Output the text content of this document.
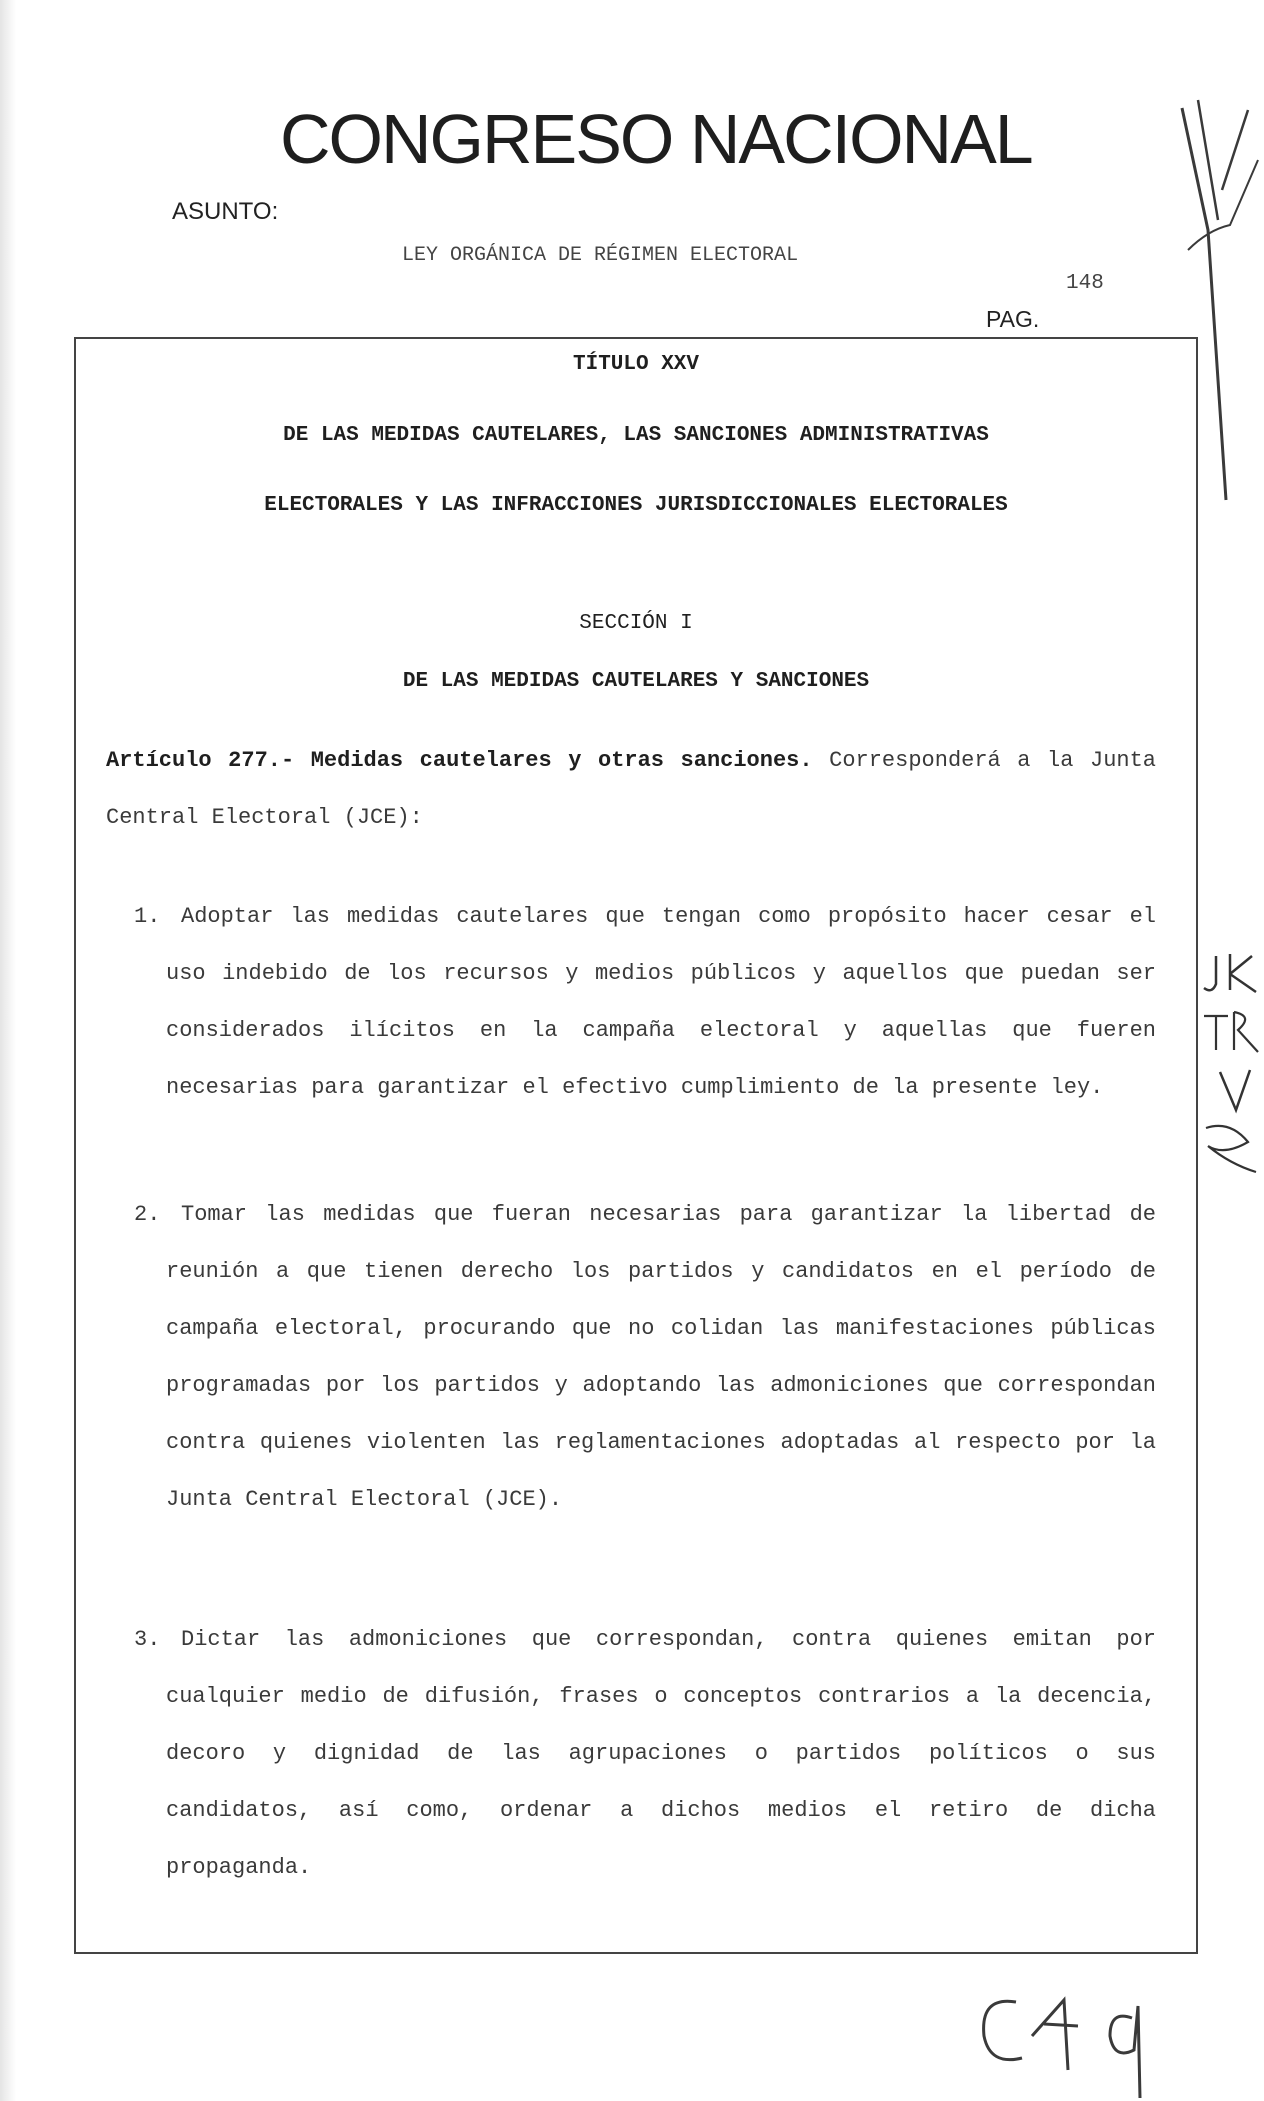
CONGRESO NACIONAL
ASUNTO:
LEY ORGÁNICA DE RÉGIMEN ELECTORAL
148
PAG.
TÍTULO XXV
DE LAS MEDIDAS CAUTELARES, LAS SANCIONES ADMINISTRATIVAS
ELECTORALES Y LAS INFRACCIONES JURISDICCIONALES ELECTORALES
SECCIÓN I
DE LAS MEDIDAS CAUTELARES Y SANCIONES

Artículo 277.- Medidas cautelares y otras sanciones. Corresponderá a la Junta Central Electoral (JCE):

1. Adoptar las medidas cautelares que tengan como propósito hacer cesar el uso indebido de los recursos y medios públicos y aquellos que puedan ser considerados ilícitos en la campaña electoral y aquellas que fueren necesarias para garantizar el efectivo cumplimiento de la presente ley.

2. Tomar las medidas que fueran necesarias para garantizar la libertad de reunión a que tienen derecho los partidos y candidatos en el período de campaña electoral, procurando que no colidan las manifestaciones públicas programadas por los partidos y adoptando las admoniciones que correspondan contra quienes violenten las reglamentaciones adoptadas al respecto por la Junta Central Electoral (JCE).

3. Dictar las admoniciones que correspondan, contra quienes emitan por cualquier medio de difusión, frases o conceptos contrarios a la decencia, decoro y dignidad de las agrupaciones o partidos políticos o sus candidatos, así como, ordenar a dichos medios el retiro de dicha propaganda.
